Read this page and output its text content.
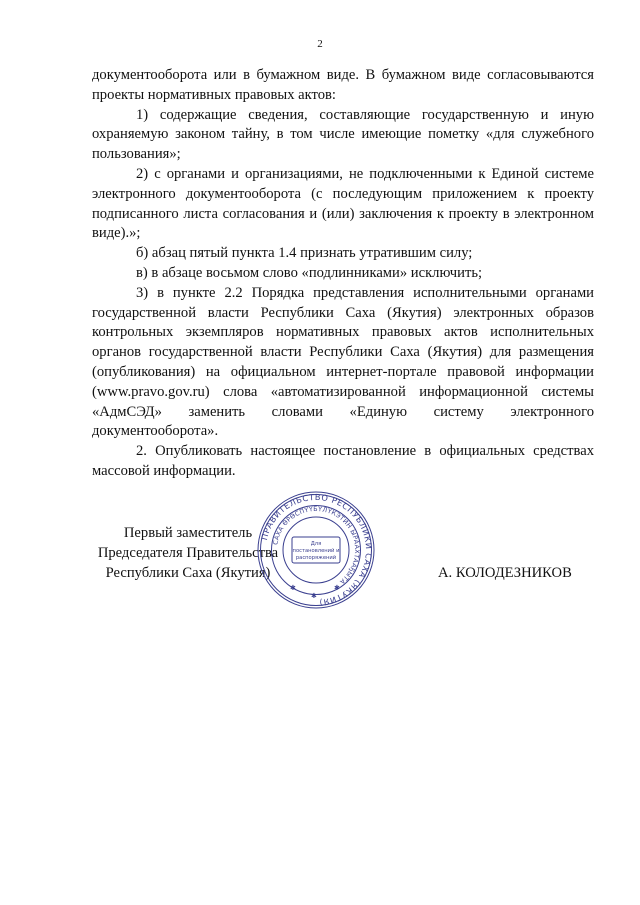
2

документооборота или в бумажном виде. В бумажном виде согласовываются проекты нормативных правовых актов:

1) содержащие сведения, составляющие государственную и иную охраняемую законом тайну, в том числе имеющие пометку «для служебного пользования»;

2) с органами и организациями, не подключенными к Единой системе электронного документооборота (с последующим приложением к проекту подписанного листа согласования и (или) заключения к проекту в электронном виде).»;

б) абзац пятый пункта 1.4 признать утратившим силу;

в) в абзаце восьмом слово «подлинниками» исключить;

3) в пункте 2.2 Порядка представления исполнительными органами государственной власти Республики Саха (Якутия) электронных образов контрольных экземпляров нормативных правовых актов исполнительных органов государственной власти Республики Саха (Якутия) для размещения (опубликования) на официальном интернет-портале правовой информации (www.pravo.gov.ru) слова «автоматизированной информационной системы «АдмСЭД» заменить словами «Единую систему электронного документооборота».

2. Опубликовать настоящее постановление в официальных средствах массовой информации.

Первый заместитель
Председателя Правительства
Республики Саха (Якутия)	А. КОЛОДЕЗНИКОВ
✱
✱
✱
ПРАВИТЕЛЬСТВО РЕСПУБЛИКИ САХА (ЯКУТИЯ)
САХА ӨРӨСПҮҮБҮЛҮКЭТИН ЫРААХТААҔЫТА
Для
постановлений и
распоряжений
